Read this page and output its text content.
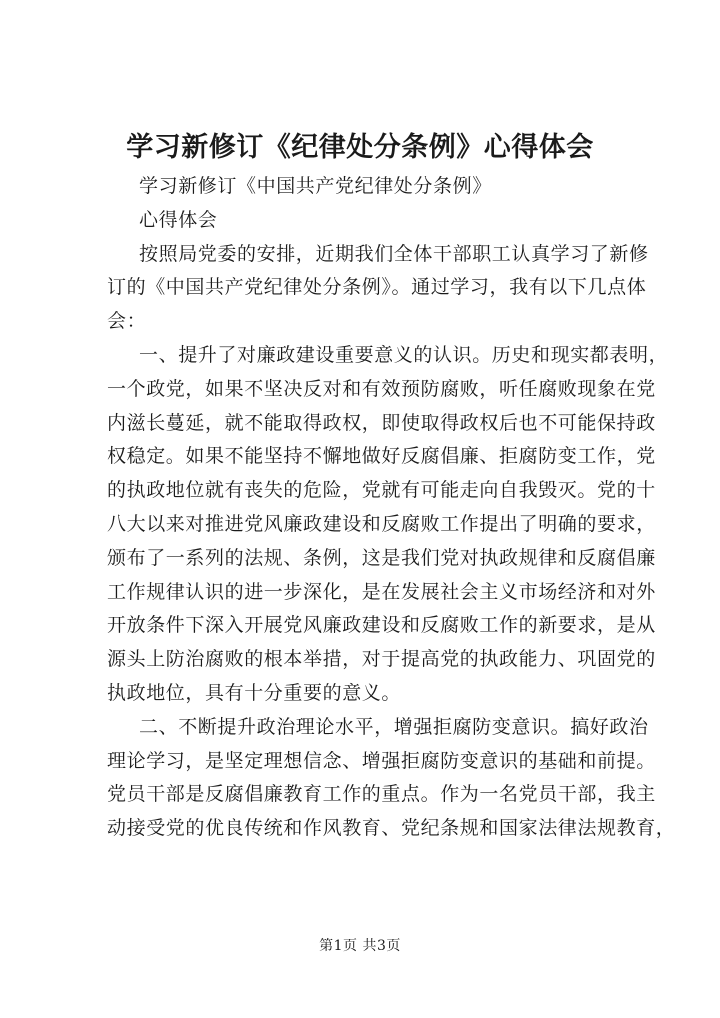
学习新修订《纪律处分条例》心得体会
学习新修订《中国共产党纪律处分条例》
心得体会
按照局党委的安排，近期我们全体干部职工认真学习了新修
订的《中国共产党纪律处分条例》。通过学习，我有以下几点体
会：
一、提升了对廉政建设重要意义的认识。历史和现实都表明，
一个政党，如果不坚决反对和有效预防腐败，听任腐败现象在党
内滋长蔓延，就不能取得政权，即使取得政权后也不可能保持政
权稳定。如果不能坚持不懈地做好反腐倡廉、拒腐防变工作，党
的执政地位就有丧失的危险，党就有可能走向自我毁灭。党的十
八大以来对推进党风廉政建设和反腐败工作提出了明确的要求，
颁布了一系列的法规、条例，这是我们党对执政规律和反腐倡廉
工作规律认识的进一步深化，是在发展社会主义市场经济和对外
开放条件下深入开展党风廉政建设和反腐败工作的新要求，是从
源头上防治腐败的根本举措，对于提高党的执政能力、巩固党的
执政地位，具有十分重要的意义。
二、不断提升政治理论水平，增强拒腐防变意识。搞好政治
理论学习，是坚定理想信念、增强拒腐防变意识的基础和前提。
党员干部是反腐倡廉教育工作的重点。作为一名党员干部，我主
动接受党的优良传统和作风教育、党纪条规和国家法律法规教育，
第1页 共3页
